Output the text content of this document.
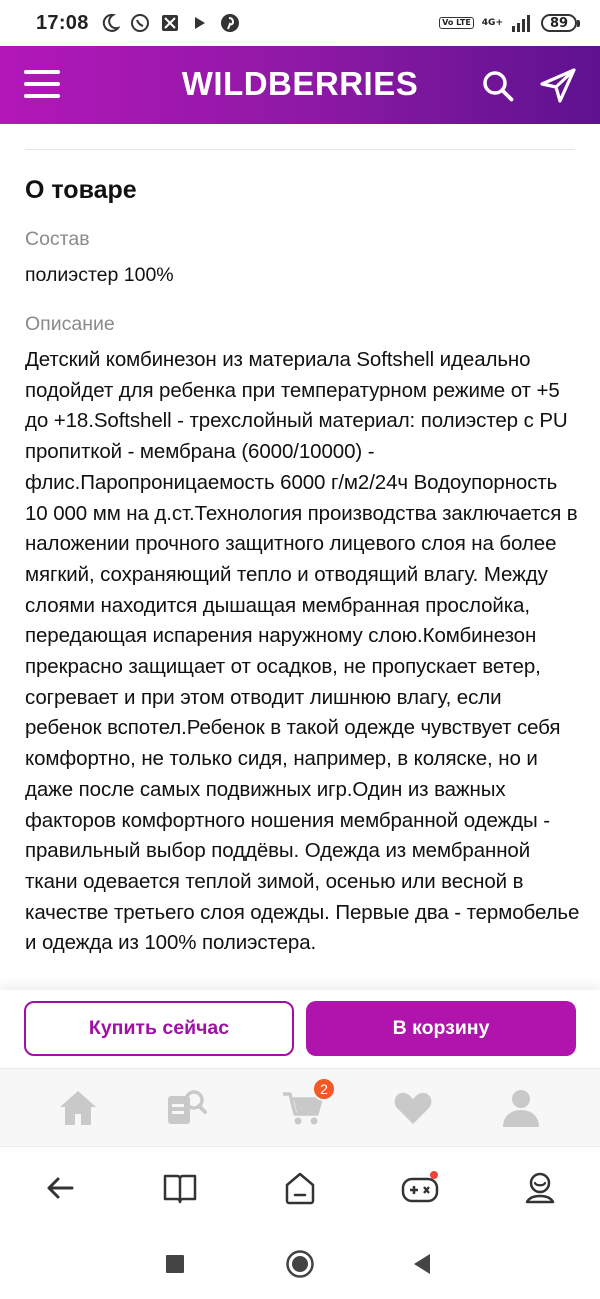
17:08	Vo LTE	4G+	89
WILDBERRIES
О товаре
Состав
полиэстер 100%
Описание
Детский комбинезон из материала Softshell идеально подойдет для ребенка при температурном режиме от +5 до +18.Softshell - трехслойный материал: полиэстер с PU пропиткой - мембрана (6000/10000) - флис.Паропроницаемость 6000 г/м2/24ч Водоупорность 10 000 мм на д.ст.Технология производства заключается в наложении прочного защитного лицевого слоя на более мягкий, сохраняющий тепло и отводящий влагу. Между слоями находится дышащая мембранная прослойка, передающая испарения наружному слою.Комбинезон прекрасно защищает от осадков, не пропускает ветер, согревает и при этом отводит лишнюю влагу, если ребенок вспотел.Ребенок в такой одежде чувствует себя комфортно, не только сидя, например, в коляске, но и даже после самых подвижных игр.Один из важных факторов комфортного ношения мембранной одежды - правильный выбор поддёвы. Одежда из мембранной ткани одевается теплой зимой, осенью или весной в качестве третьего слоя одежды. Первые два - термобелье и одежда из 100% полиэстера.
Купить сейчас	В корзину
2
